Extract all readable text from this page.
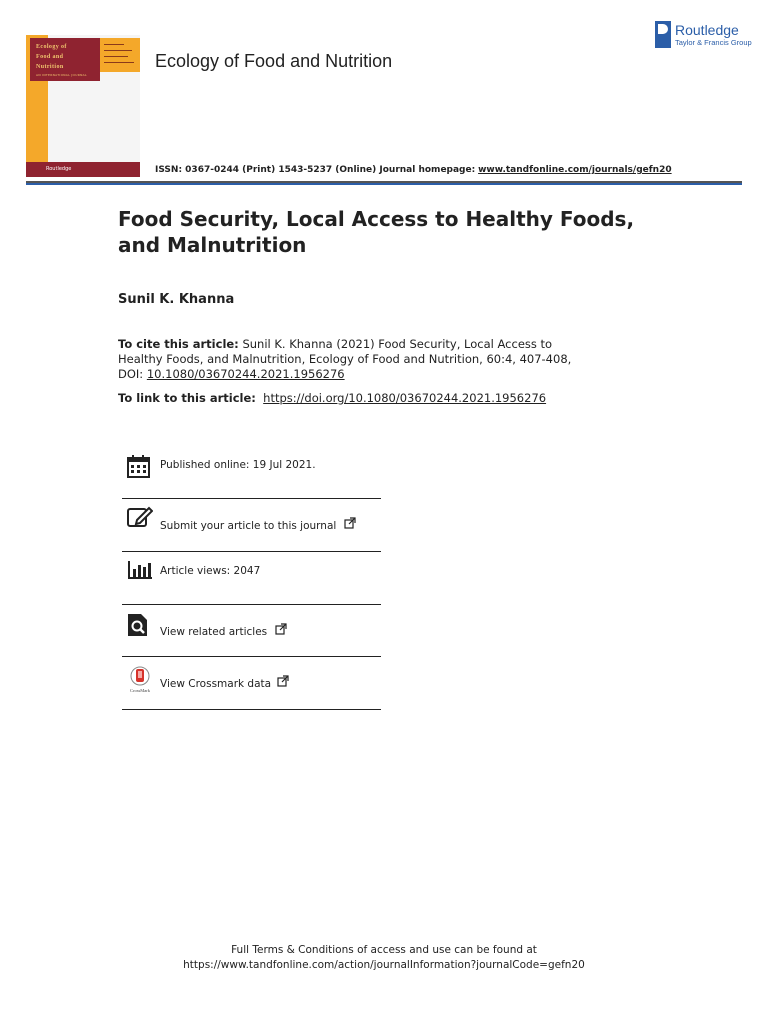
Ecology of
Food and
Nutrition
AN INTERNATIONAL JOURNAL
Routledge
Ecology of Food and Nutrition
Routledge
Taylor & Francis Group
ISSN: 0367-0244 (Print) 1543-5237 (Online) Journal homepage: www.tandfonline.com/journals/gefn20
Food Security, Local Access to Healthy Foods, and Malnutrition
Sunil K. Khanna
To cite this article: Sunil K. Khanna (2021) Food Security, Local Access to Healthy Foods, and Malnutrition, Ecology of Food and Nutrition, 60:4, 407-408, DOI: 10.1080/03670244.2021.1956276
To link to this article: https://doi.org/10.1080/03670244.2021.1956276
Published online: 19 Jul 2021.
Submit your article to this journal
Article views: 2047
View related articles
CrossMark
View Crossmark data
Full Terms & Conditions of access and use can be found at
https://www.tandfonline.com/action/journalInformation?journalCode=gefn20
